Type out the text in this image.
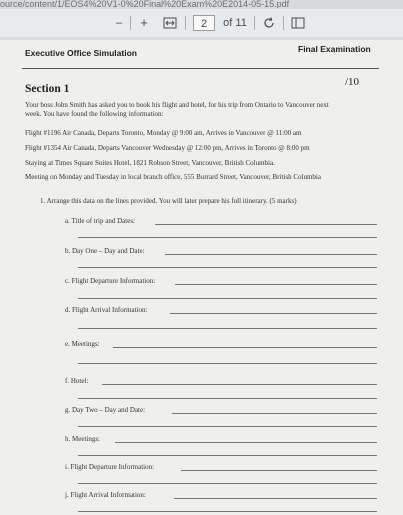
ource/content/1/EOS4%20V1-0%20Final%20Exam%20E2014-05-15.pdf
– +	2	of 11
Executive Office Simulation	Final Examination
Section 1
/10
Your boss John Smith has asked you to book his flight and hotel, for his trip from Ontario to Vancouver next
week. You have found the following information:
Flight #1196 Air Canada, Departs Toronto, Monday @ 9:00 am, Arrives in Vancouver @ 11:00 am
Flight #1354 Air Canada, Departs Vancouver Wednesday @ 12:00 pm, Arrives in Toronto @ 8:00 pm
Staying at Times Square Suites Hotel, 1821 Robson Street, Vancouver, British Columbia.
Meeting on Monday and Tuesday in local branch office, 555 Burrard Street, Vancouver, British Columbia
1. Arrange this data on the lines provided. You will later prepare his full itinerary. (5 marks)
a. Title of trip and Dates:
b. Day One – Day and Date:
c. Flight Departure Information:
d. Flight Arrival Information:
e. Meetings:
f. Hotel:
g. Day Two – Day and Date:
h. Meetings:
i. Flight Departure Information:
j. Flight Arrival Information:
